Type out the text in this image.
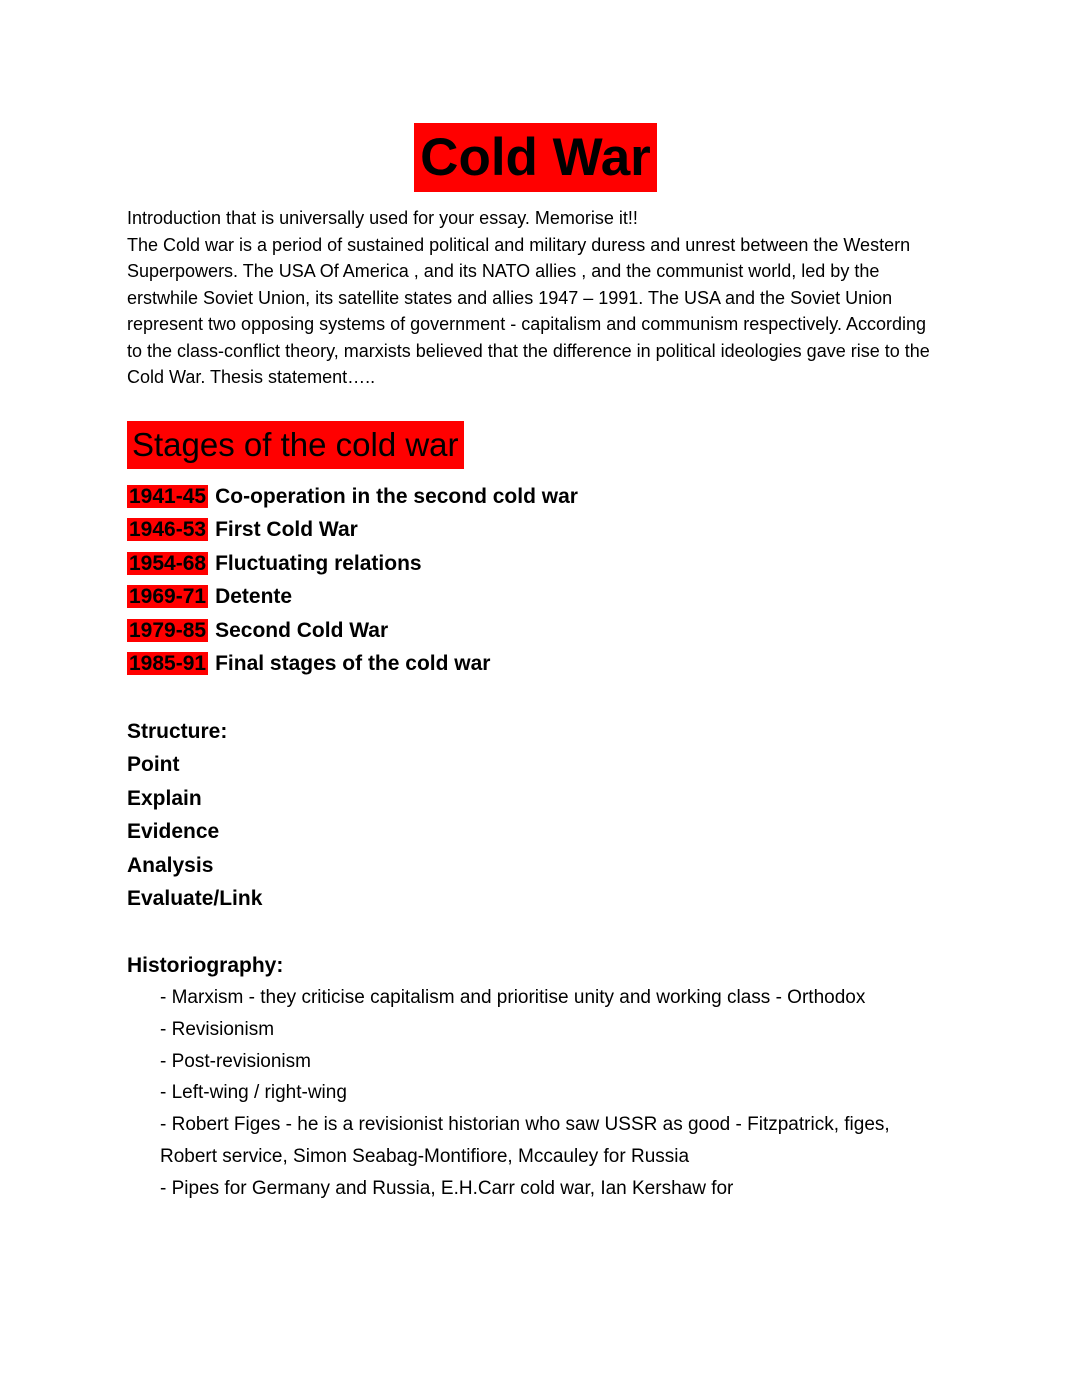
Cold War

Introduction that is universally used for your essay. Memorise it!!

The Cold war is a period of sustained political and military duress and unrest between the Western Superpowers. The USA Of America , and its NATO allies , and the communist world, led by the erstwhile Soviet Union, its satellite states and allies 1947 – 1991. The USA and the Soviet Union represent two opposing systems of government - capitalism and communism respectively. According to the class-conflict theory, marxists believed that the difference in political ideologies gave rise to the Cold War. Thesis statement…..

Stages of the cold war
1941-45 Co-operation in the second cold war
1946-53 First Cold War
1954-68 Fluctuating relations
1969-71 Detente
1979-85 Second Cold War
1985-91 Final stages of the cold war
Structure:
Point
Explain
Evidence
Analysis
Evaluate/Link
Historiography:

- Marxism - they criticise capitalism and prioritise unity and working class - Orthodox

- Revisionism

- Post-revisionism

- Left-wing / right-wing

- Robert Figes - he is a revisionist historian who saw USSR as good - Fitzpatrick, figes, Robert service, Simon Seabag-Montifiore, Mccauley for Russia

- Pipes for Germany and Russia, E.H.Carr cold war, Ian Kershaw for
